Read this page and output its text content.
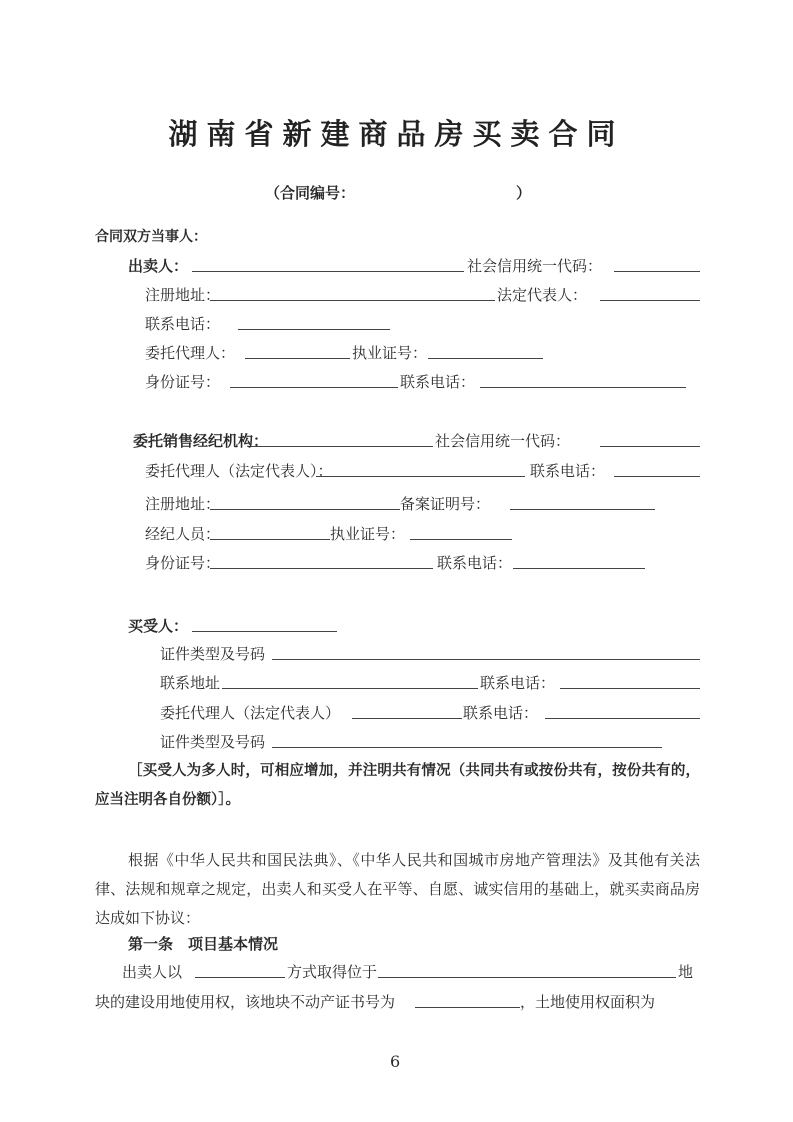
湖南省新建商品房买卖合同
（合同编号：	）
合同双方当事人：
出卖人：	社会信用统一代码：
注册地址：	法定代表人：
联系电话：
委托代理人：	执业证号：
身份证号：	联系电话：
委托销售经纪机构：	社会信用统一代码：
委托代理人（法定代表人）：	联系电话：
注册地址：	备案证明号：
经纪人员：	执业证号：
身份证号：	联系电话：
买受人：
证件类型及号码
联系地址	联系电话：
委托代理人（法定代表人）	联系电话：
证件类型及号码
［买受人为多人时，可相应增加，并注明共有情况（共同共有或按份共有，按份共有的，应当注明各自份额）］。
根据《中华人民共和国民法典》、《中华人民共和国城市房地产管理法》及其他有关法律、法规和规章之规定，出卖人和买受人在平等、自愿、诚实信用的基础上，就买卖商品房达成如下协议：
第一条　项目基本情况
出卖人以	方式取得位于	地
块的建设用地使用权，该地块不动产证书号为	，土地使用权面积为
6
